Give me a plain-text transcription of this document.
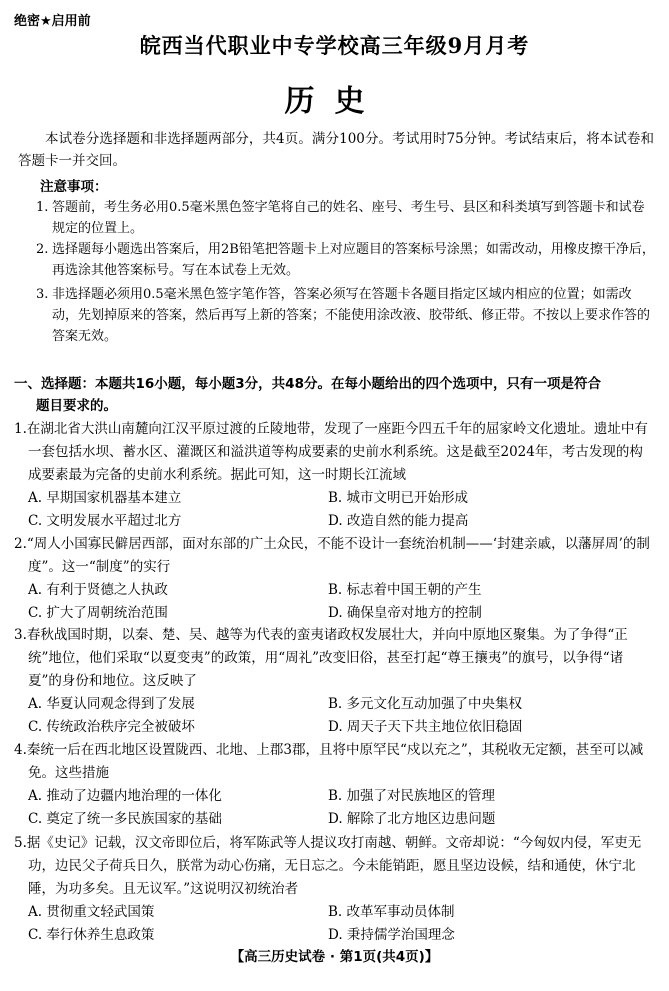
绝密★启用前
皖西当代职业中专学校高三年级9月月考
历史

本试卷分选择题和非选择题两部分，共4页。满分100分。考试用时75分钟。考试结束后，将本试卷和答题卡一并交回。

注意事项：

1. 答题前，考生务必用0.5毫米黑色签字笔将自己的姓名、座号、考生号、县区和科类填写到答题卡和试卷规定的位置上。

2. 选择题每小题选出答案后，用2B铅笔把答题卡上对应题目的答案标号涂黑；如需改动，用橡皮擦干净后，再选涂其他答案标号。写在本试卷上无效。

3. 非选择题必须用0.5毫米黑色签字笔作答，答案必须写在答题卡各题目指定区域内相应的位置；如需改动，先划掉原来的答案，然后再写上新的答案；不能使用涂改液、胶带纸、修正带。不按以上要求作答的答案无效。

一、选择题：本题共16小题，每小题3分，共48分。在每小题给出的四个选项中，只有一项是符合
题目要求的。
1.在湖北省大洪山南麓向江汉平原过渡的丘陵地带，发现了一座距今四五千年的屈家岭文化遗址。遗址中有一套包括水坝、蓄水区、灌溉区和溢洪道等构成要素的史前水利系统。这是截至2024年，考古发现的构成要素最为完备的史前水利系统。据此可知，这一时期长江流域
A. 早期国家机器基本建立	B. 城市文明已开始形成
C. 文明发展水平超过北方	D. 改造自然的能力提高
2.“周人小国寡民僻居西部，面对东部的广土众民，不能不设计一套统治机制——‘封建亲戚，以藩屏周’的制度”。这一“制度”的实行
A. 有利于贤德之人执政	B. 标志着中国王朝的产生
C. 扩大了周朝统治范围	D. 确保皇帝对地方的控制
3.春秋战国时期，以秦、楚、吴、越等为代表的蛮夷诸政权发展壮大，并向中原地区聚集。为了争得“正统”地位，他们采取“以夏变夷”的政策，用“周礼”改变旧俗，甚至打起“尊王攘夷”的旗号，以争得“诸夏”的身份和地位。这反映了
A. 华夏认同观念得到了发展	B. 多元文化互动加强了中央集权
C. 传统政治秩序完全被破坏	D. 周天子天下共主地位依旧稳固
4.秦统一后在西北地区设置陇西、北地、上郡3郡，且将中原罕民“戍以充之”，其税收无定额，甚至可以减免。这些措施
A. 推动了边疆内地治理的一体化	B. 加强了对民族地区的管理
C. 奠定了统一多民族国家的基础	D. 解除了北方地区边患问题
5.据《史记》记载，汉文帝即位后，将军陈武等人提议攻打南越、朝鲜。文帝却说：“今匈奴内侵，军吏无功，边民父子荷兵日久，朕常为动心伤痛，无日忘之。今未能销距，愿且坚边设候，结和通使，休宁北陲，为功多矣。且无议军。”这说明汉初统治者
A. 贯彻重文轻武国策	B. 改革军事动员体制
C. 奉行休养生息政策	D. 秉持儒学治国理念
【高三历史试卷 · 第1页(共4页)】
